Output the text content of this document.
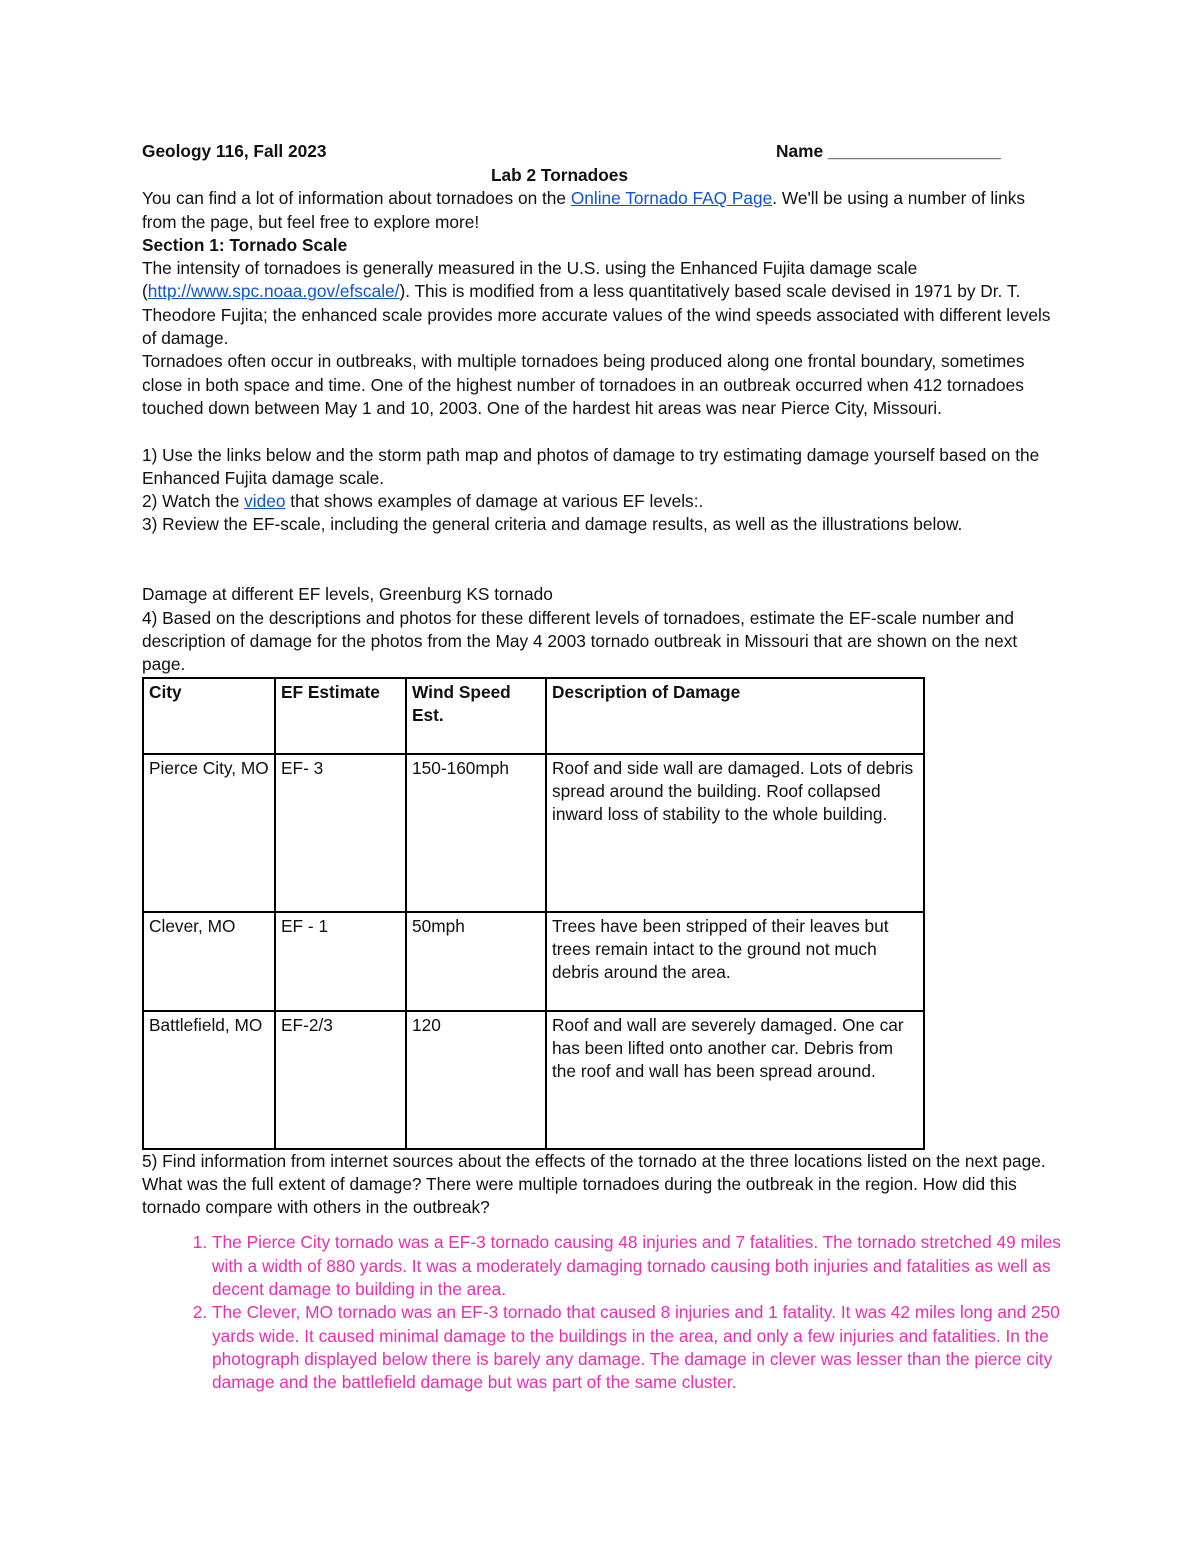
Geology 116, Fall 2023	Name __________________

Lab 2 Tornadoes

You can find a lot of information about tornadoes on the Online Tornado FAQ Page. We'll be using a number of links from the page, but feel free to explore more!

Section 1: Tornado Scale

The intensity of tornadoes is generally measured in the U.S. using the Enhanced Fujita damage scale (http://www.spc.noaa.gov/efscale/). This is modified from a less quantitatively based scale devised in 1971 by Dr. T. Theodore Fujita; the enhanced scale provides more accurate values of the wind speeds associated with different levels of damage.

Tornadoes often occur in outbreaks, with multiple tornadoes being produced along one frontal boundary, sometimes close in both space and time. One of the highest number of tornadoes in an outbreak occurred when 412 tornadoes touched down between May 1 and 10, 2003. One of the hardest hit areas was near Pierce City, Missouri.

1) Use the links below and the storm path map and photos of damage to try estimating damage yourself based on the Enhanced Fujita damage scale.

2) Watch the video that shows examples of damage at various EF levels:.

3) Review the EF-scale, including the general criteria and damage results, as well as the illustrations below.

Damage at different EF levels, Greenburg KS tornado

4) Based on the descriptions and photos for these different levels of tornadoes, estimate the EF-scale number and description of damage for the photos from the May 4 2003 tornado outbreak in Missouri that are shown on the next page.

City	EF Estimate	Wind Speed Est.	Description of Damage
Pierce City, MO	EF- 3	150-160mph	Roof and side wall are damaged. Lots of debris spread around the building. Roof collapsed inward loss of stability to the whole building.
Clever, MO	EF - 1	50mph	Trees have been stripped of their leaves but trees remain intact to the ground not much debris around the area.
Battlefield, MO	EF-2/3	120	Roof and wall are severely damaged. One car has been lifted onto another car. Debris from the roof and wall has been spread around.

5) Find information from internet sources about the effects of the tornado at the three locations listed on the next page. What was the full extent of damage? There were multiple tornadoes during the outbreak in the region. How did this tornado compare with others in the outbreak?

1. The Pierce City tornado was a EF-3 tornado causing 48 injuries and 7 fatalities. The tornado stretched 49 miles with a width of 880 yards. It was a moderately damaging tornado causing both injuries and fatalities as well as decent damage to building in the area.
2. The Clever, MO tornado was an EF-3 tornado that caused 8 injuries and 1 fatality. It was 42 miles long and 250 yards wide. It caused minimal damage to the buildings in the area, and only a few injuries and fatalities. In the photograph displayed below there is barely any damage. The damage in clever was lesser than the pierce city damage and the battlefield damage but was part of the same cluster.
